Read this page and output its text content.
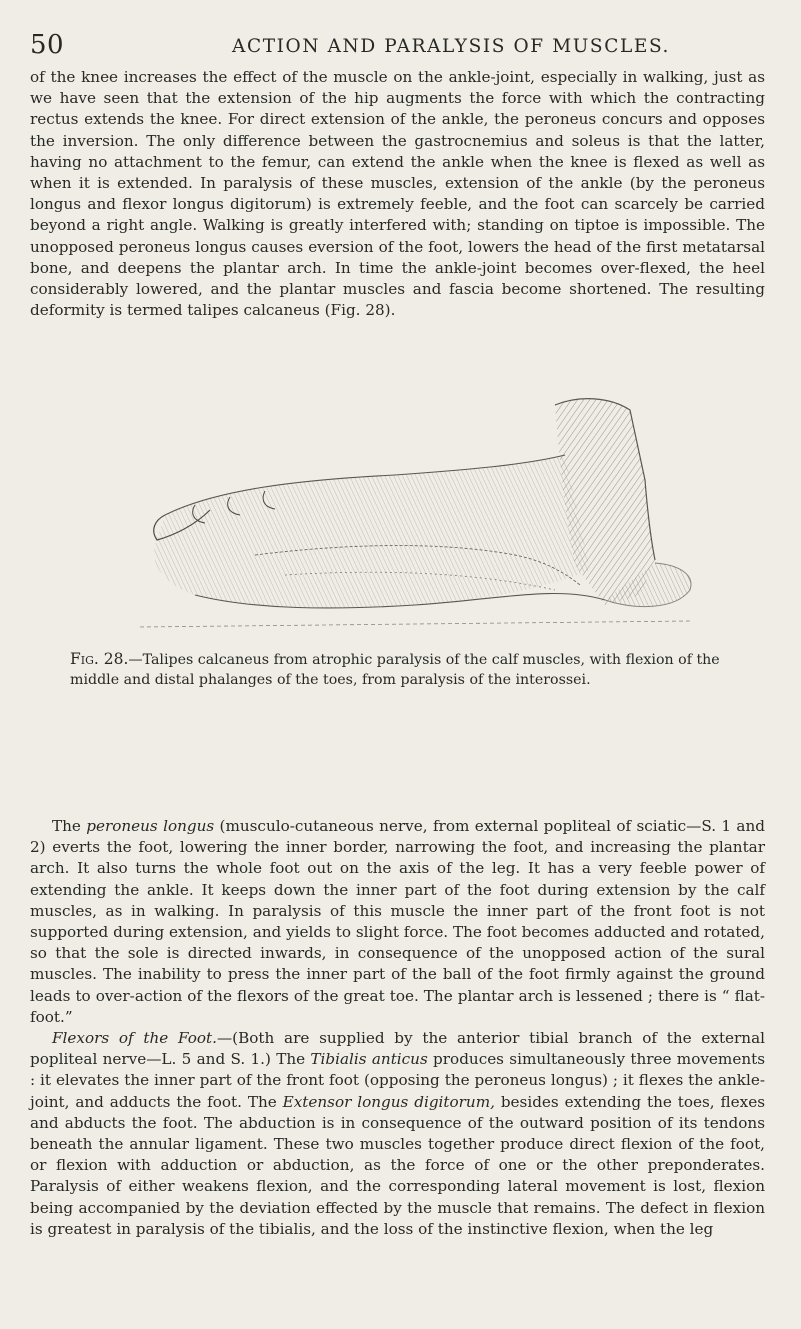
50	ACTION AND PARALYSIS OF MUSCLES.

of the knee increases the effect of the muscle on the ankle-joint, especially in walking, just as we have seen that the extension of the hip augments the force with which the contracting rectus extends the knee. For direct extension of the ankle, the peroneus concurs and opposes the inversion. The only difference between the gastrocnemius and soleus is that the latter, having no attachment to the femur, can extend the ankle when the knee is flexed as well as when it is extended. In paralysis of these muscles, extension of the ankle (by the peroneus longus and flexor longus digitorum) is extremely feeble, and the foot can scarcely be carried beyond a right angle. Walking is greatly interfered with; standing on tiptoe is impossible. The unopposed peroneus longus causes eversion of the foot, lowers the head of the first metatarsal bone, and deepens the plantar arch. In time the ankle-joint becomes over-flexed, the heel considerably lowered, and the plantar muscles and fascia become shortened. The resulting deformity is termed talipes calcaneus (Fig. 28).

Fig. 28.—Talipes calcaneus from atrophic paralysis of the calf muscles, with flexion of the middle and distal phalanges of the toes, from paralysis of the interossei.

The peroneus longus (musculo-cutaneous nerve, from external popliteal of sciatic—S. 1 and 2) everts the foot, lowering the inner border, narrowing the foot, and increasing the plantar arch. It also turns the whole foot out on the axis of the leg. It has a very feeble power of extending the ankle. It keeps down the inner part of the foot during extension by the calf muscles, as in walking. In paralysis of this muscle the inner part of the front foot is not supported during extension, and yields to slight force. The foot becomes adducted and rotated, so that the sole is directed inwards, in consequence of the unopposed action of the sural muscles. The inability to press the inner part of the ball of the foot firmly against the ground leads to over-action of the flexors of the great toe. The plantar arch is lessened ; there is “ flat-foot.”

Flexors of the Foot.—(Both are supplied by the anterior tibial branch of the external popliteal nerve—L. 5 and S. 1.) The Tibialis anticus produces simultaneously three movements : it elevates the inner part of the front foot (opposing the peroneus longus) ; it flexes the ankle-joint, and adducts the foot. The Extensor longus digitorum, besides extending the toes, flexes and abducts the foot. The abduction is in consequence of the outward position of its tendons beneath the annular ligament. These two muscles together produce direct flexion of the foot, or flexion with adduction or abduction, as the force of one or the other preponderates. Paralysis of either weakens flexion, and the corresponding lateral movement is lost, flexion being accompanied by the deviation effected by the muscle that remains. The defect in flexion is greatest in paralysis of the tibialis, and the loss of the instinctive flexion, when the leg
